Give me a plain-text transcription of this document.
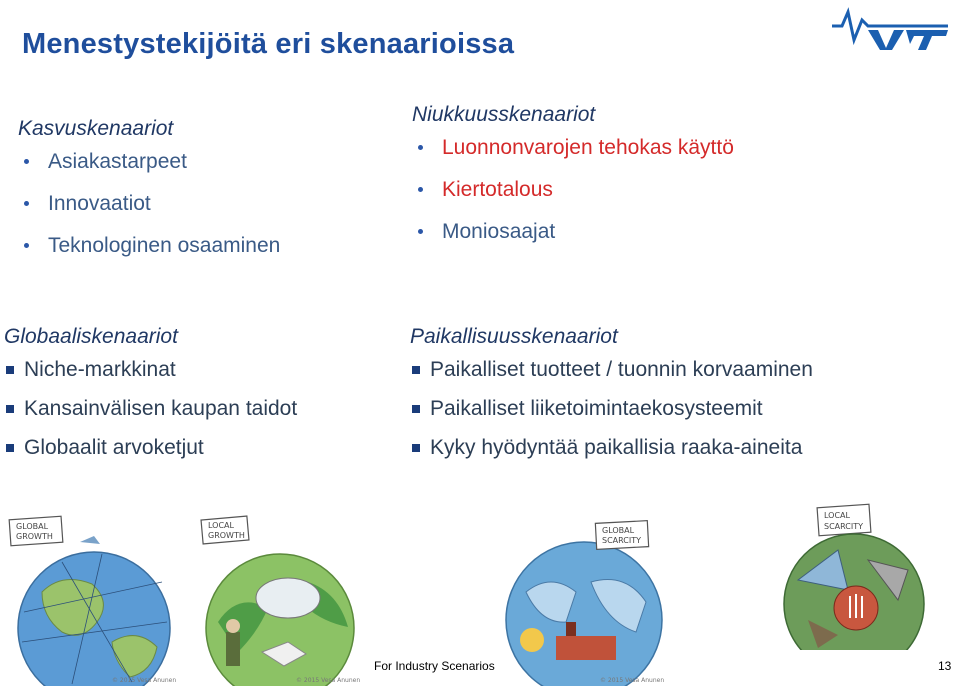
Menestystekijöitä eri skenaarioissa
Kasvuskenaariot
Asiakastarpeet
Innovaatiot
Teknologinen osaaminen
Niukkuusskenaariot
Luonnonvarojen tehokas käyttö
Kiertotalous
Moniosaajat
Globaaliskenaariot
Niche-markkinat
Kansainvälisen kaupan taidot
Globaalit arvoketjut
Paikallisuusskenaariot
Paikalliset tuotteet / tuonnin korvaaminen
Paikalliset liiketoimintaekosysteemit
Kyky hyödyntää paikallisia raaka-aineita
GLOBAL
GROWTH
© 2015 Vesa Anunen
LOCAL
GROWTH
© 2015 Vesa Anunen
GLOBAL
SCARCITY
© 2015 Vesa Anunen
LOCAL
SCARCITY
For Industry Scenarios	13
